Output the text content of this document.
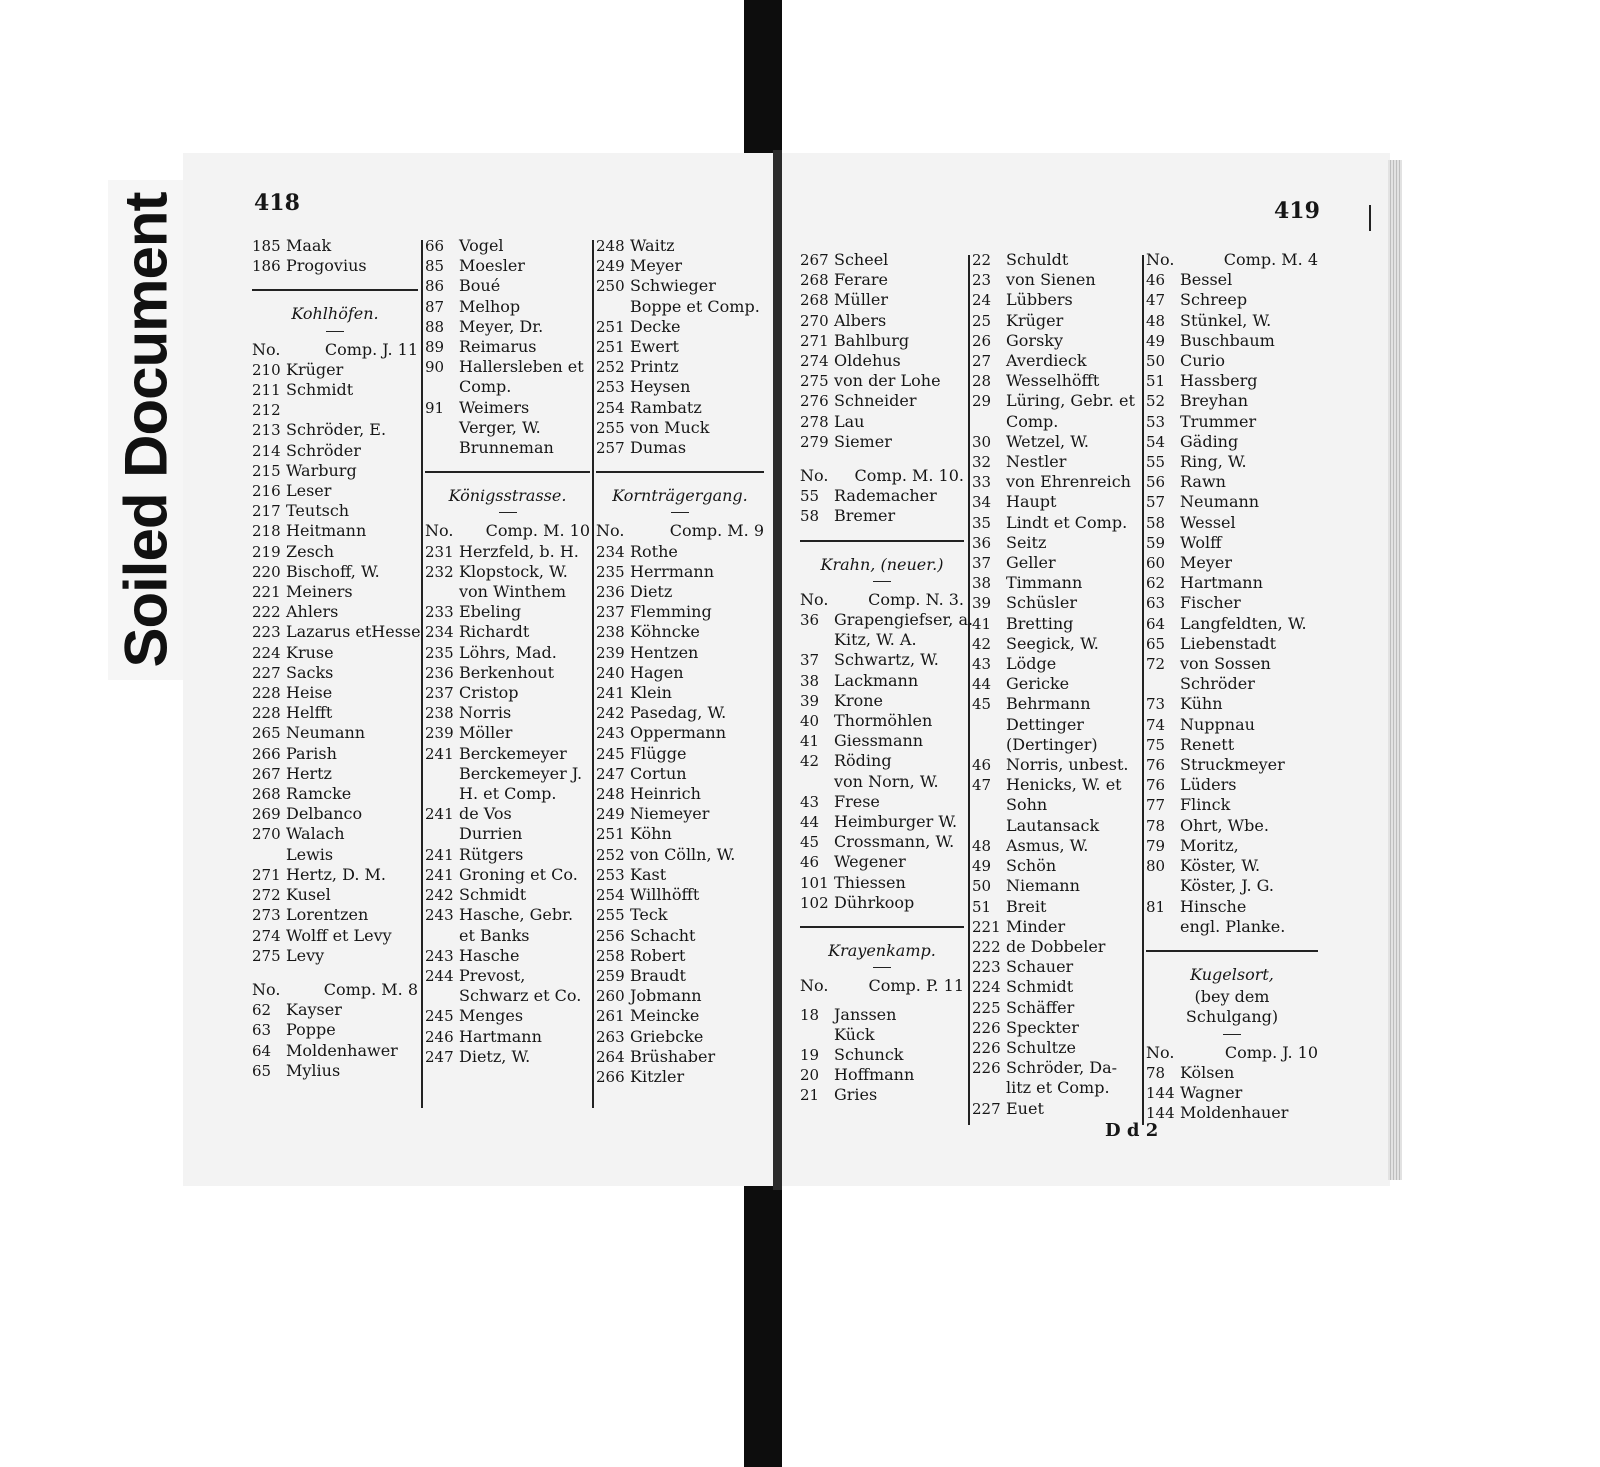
Soiled Document	418	419
185 Maak
186 Progovius
Kohlhöfen.
No.	Comp. J. 11
210 Krüger
211 Schmidt
212
213 Schröder, E.
214 Schröder
215 Warburg
216 Leser
217 Teutsch
218 Heitmann
219 Zesch
220 Bischoff, W.
221 Meiners
222 Ahlers
223 Lazarus etHesse
224 Kruse
227 Sacks
228 Heise
228 Helfft
265 Neumann
266 Parish
267 Hertz
268 Ramcke
269 Delbanco
270 Walach
Lewis
271 Hertz, D. M.
272 Kusel
273 Lorentzen
274 Wolff et Levy
275 Levy
No.	Comp. M. 8
62 Kayser
63 Poppe
64 Moldenhawer
65 Mylius
66 Vogel
85 Moesler
86 Boué
87 Melhop
88 Meyer, Dr.
89 Reimarus
90 Hallersleben et
Comp.
91 Weimers
Verger, W.
Brunneman
Königsstrasse.
No. Comp. M. 10
231 Herzfeld, b. H.
232 Klopstock, W.
von Winthem
233 Ebeling
234 Richardt
235 Löhrs, Mad.
236 Berkenhout
237 Cristop
238 Norris
239 Möller
241 Berckemeyer
Berckemeyer J.
H. et Comp.
241 de Vos
Durrien
241 Rütgers
241 Groning et Co.
242 Schmidt
243 Hasche, Gebr.
et Banks
243 Hasche
244 Prevost,
Schwarz et Co.
245 Menges
246 Hartmann
247 Dietz, W.
248 Waitz
249 Meyer
250 Schwieger
Boppe et Comp.
251 Decke
251 Ewert
252 Printz
253 Heysen
254 Rambatz
255 von Muck
257 Dumas
Kornträgergang.
No.	Comp. M. 9
234 Rothe
235 Herrmann
236 Dietz
237 Flemming
238 Köhncke
239 Hentzen
240 Hagen
241 Klein
242 Pasedag, W.
243 Oppermann
245 Flügge
247 Cortun
248 Heinrich
249 Niemeyer
251 Köhn
252 von Cölln, W.
253 Kast
254 Willhöfft
255 Teck
256 Schacht
258 Robert
259 Braudt
260 Jobmann
261 Meincke
263 Griebcke
264 Brüshaber
266 Kitzler
267 Scheel
268 Ferare
268 Müller
270 Albers
271 Bahlburg
274 Oldehus
275 von der Lohe
276 Schneider
278 Lau
279 Siemer
No. Comp. M. 10.
55 Rademacher
58 Bremer
Krahn, (neuer.)
No. Comp. N. 3.
36 Grapengiefser, a.
Kitz, W. A.
37 Schwartz, W.
38 Lackmann
39 Krone
40 Thormöhlen
41 Giessmann
42 Röding
von Norn, W.
43 Frese
44 Heimburger W.
45 Crossmann, W.
46 Wegener
101 Thiessen
102 Dührkoop
Krayenkamp.
No.	Comp. P. 11
18 Janssen
Kück
19 Schunck
20 Hoffmann
21 Gries
22 Schuldt
23 von Sienen
24 Lübbers
25 Krüger
26 Gorsky
27 Averdieck
28 Wesselhöfft
29 Lüring, Gebr. et
Comp.
30 Wetzel, W.
32 Nestler
33 von Ehrenreich
34 Haupt
35 Lindt et Comp.
36 Seitz
37 Geller
38 Timmann
39 Schüsler
41 Bretting
42 Seegick, W.
43 Lödge
44 Gericke
45 Behrmann
Dettinger
(Dertinger)
46 Norris, unbest.
47 Henicks, W. et
Sohn
Lautansack
48 Asmus, W.
49 Schön
50 Niemann
51 Breit
221 Minder
222 de Dobbeler
223 Schauer
224 Schmidt
225 Schäffer
226 Speckter
226 Schultze
226 Schröder, Da-
litz et Comp.
227 Euet
No.	Comp. M. 4
46 Bessel
47 Schreep
48 Stünkel, W.
49 Buschbaum
50 Curio
51 Hassberg
52 Breyhan
53 Trummer
54 Gäding
55 Ring, W.
56 Rawn
57 Neumann
58 Wessel
59 Wolff
60 Meyer
62 Hartmann
63 Fischer
64 Langfeldten, W.
65 Liebenstadt
72 von Sossen
Schröder
73 Kühn
74 Nuppnau
75 Renett
76 Struckmeyer
76 Lüders
77 Flinck
78 Ohrt, Wbe.
79 Moritz,
80 Köster, W.
Köster, J. G.
81 Hinsche
engl. Planke.
Kugelsort,
(bey dem Schulgang)
No.	Comp. J. 10
78 Kölsen
144 Wagner
144 Moldenhauer
D d 2
